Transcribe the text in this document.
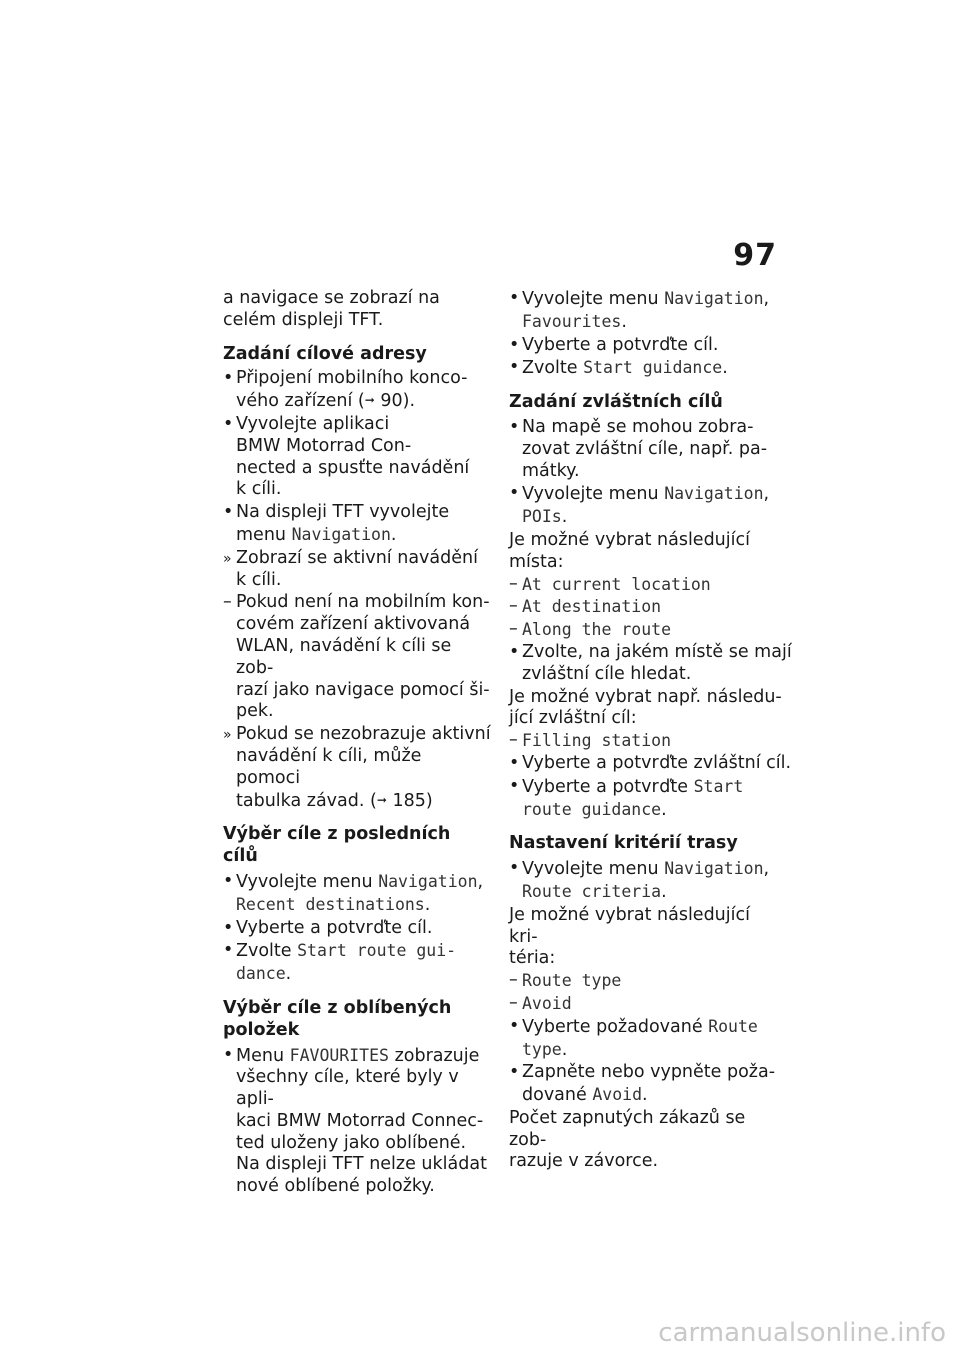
97
a navigace se zobrazí na celém displeji TFT.
Zadání cílové adresy
•
Připojení mobilního konco-
vého zařízení (➞ 90).
•
Vyvolejte aplikaci
BMW Motorrad Con-
nected a spusťte navádění
k cíli.
•
Na displeji TFT vyvolejte
menu Navigation.
»
Zobrazí se aktivní navádění
k cíli.
–
Pokud není na mobilním kon-
covém zařízení aktivovaná
WLAN, navádění k cíli se zob-
razí jako navigace pomocí ši-
pek.
»
Pokud se nezobrazuje aktivní
navádění k cíli, může pomoci
tabulka závad. (➞ 185)
Výběr cíle z posledních cílů
•
Vyvolejte menu Navigation,
Recent destinations.
•
Vyberte a potvrďte cíl.
•
Zvolte Start route gui-
dance.
Výběr cíle z oblíbených
položek
•
Menu FAVOURITES zobrazuje
všechny cíle, které byly v apli-
kaci BMW Motorrad Connec-
ted uloženy jako oblíbené.
Na displeji TFT nelze ukládat
nové oblíbené položky.
•
Vyvolejte menu Navigation,
Favourites.
•
Vyberte a potvrďte cíl.
•
Zvolte Start guidance.
Zadání zvláštních cílů
•
Na mapě se mohou zobra-
zovat zvláštní cíle, např. pa-
mátky.
•
Vyvolejte menu Navigation,
POIs.
Je možné vybrat následující
místa:
–
At current location
–
At destination
–
Along the route
•
Zvolte, na jakém místě se mají
zvláštní cíle hledat.
Je možné vybrat např. následu-
jící zvláštní cíl:
–
Filling station
•
Vyberte a potvrďte zvláštní cíl.
•
Vyberte a potvrďte Start
route guidance.
Nastavení kritérií trasy
•
Vyvolejte menu Navigation,
Route criteria.
Je možné vybrat následující kri-
téria:
–
Route type
–
Avoid
•
Vyberte požadované Route
type.
•
Zapněte nebo vypněte poža-
dované Avoid.
Počet zapnutých zákazů se zob-
razuje v závorce.
carmanualsonline.info
